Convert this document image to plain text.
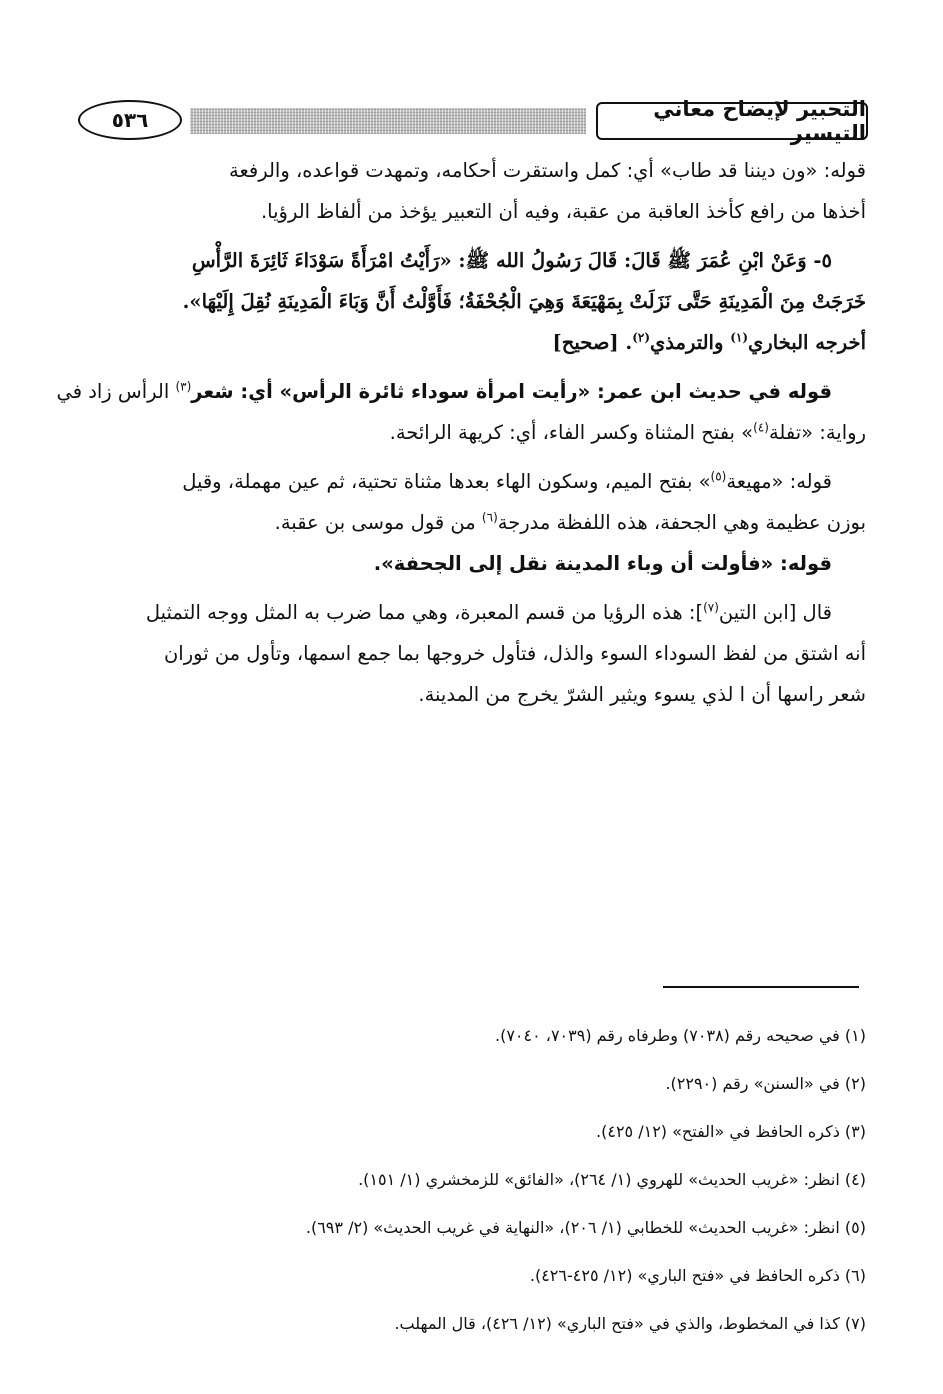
التحبير لإيضاح معاني التيسير
٥٣٦
قوله: «ون ديننا قد طاب» أي: كمل واستقرت أحكامه، وتمهدت قواعده، والرفعة
أخذها من رافع كأخذ العاقبة من عقبة، وفيه أن التعبير يؤخذ من ألفاظ الرؤيا.
٥- وَعَنْ ابْنِ عُمَرَ ﷺ قَالَ: قَالَ رَسُولُ الله ﷺ: «رَأَيْتُ امْرَأَةً سَوْدَاءَ ثَائِرَةَ الرَّأْسِ
خَرَجَتْ مِنَ الْمَدِينَةِ حَتَّى نَزَلَتْ بِمَهْيَعَةَ وَهِيَ الْجُحْفَةُ؛ فَأَوَّلْتُ أَنَّ وَبَاءَ الْمَدِينَةِ نُقِلَ إِلَيْهَا».
أخرجه البخاري$^{(١)}$ والترمذي$^{(٢)}$. [صحيح]
قوله في حديث ابن عمر: «رأيت امرأة سوداء ثائرة الرأس» أي: شعر$^{(٣)}$ الرأس زاد في
رواية: «تفلة$^{(٤)}$» بفتح المثناة وكسر الفاء، أي: كريهة الرائحة.
قوله: «مهيعة$^{(٥)}$» بفتح الميم، وسكون الهاء بعدها مثناة تحتية، ثم عين مهملة، وقيل
بوزن عظيمة وهي الجحفة، هذه اللفظة مدرجة$^{(٦)}$ من قول موسى بن عقبة.
قوله: «فأولت أن وباء المدينة نقل إلى الجحفة».
قال [ابن التين$^{(٧)}$]: هذه الرؤيا من قسم المعبرة، وهي مما ضرب به المثل ووجه التمثيل
أنه اشتق من لفظ السوداء السوء والذل، فتأول خروجها بما جمع اسمها، وتأول من ثوران
شعر راسها أن ا لذي يسوء ويثير الشرّ يخرج من المدينة.
(١) في صحيحه رقم (٧٠٣٨) وطرفاه رقم (٧٠٣٩، ٧٠٤٠).
(٢) في «السنن» رقم (٢٢٩٠).
(٣) ذكره الحافظ في «الفتح» (١٢/ ٤٢٥).
(٤) انظر: «غريب الحديث» للهروي (١/ ٢٦٤)، «الفائق» للزمخشري (١/ ١٥١).
(٥) انظر: «غريب الحديث» للخطابي (١/ ٢٠٦)، «النهاية في غريب الحديث» (٢/ ٦٩٣).
(٦) ذكره الحافظ في «فتح الباري» (١٢/ ٤٢٥-٤٢٦).
(٧) كذا في المخطوط، والذي في «فتح الباري» (١٢/ ٤٢٦)، قال المهلب.
